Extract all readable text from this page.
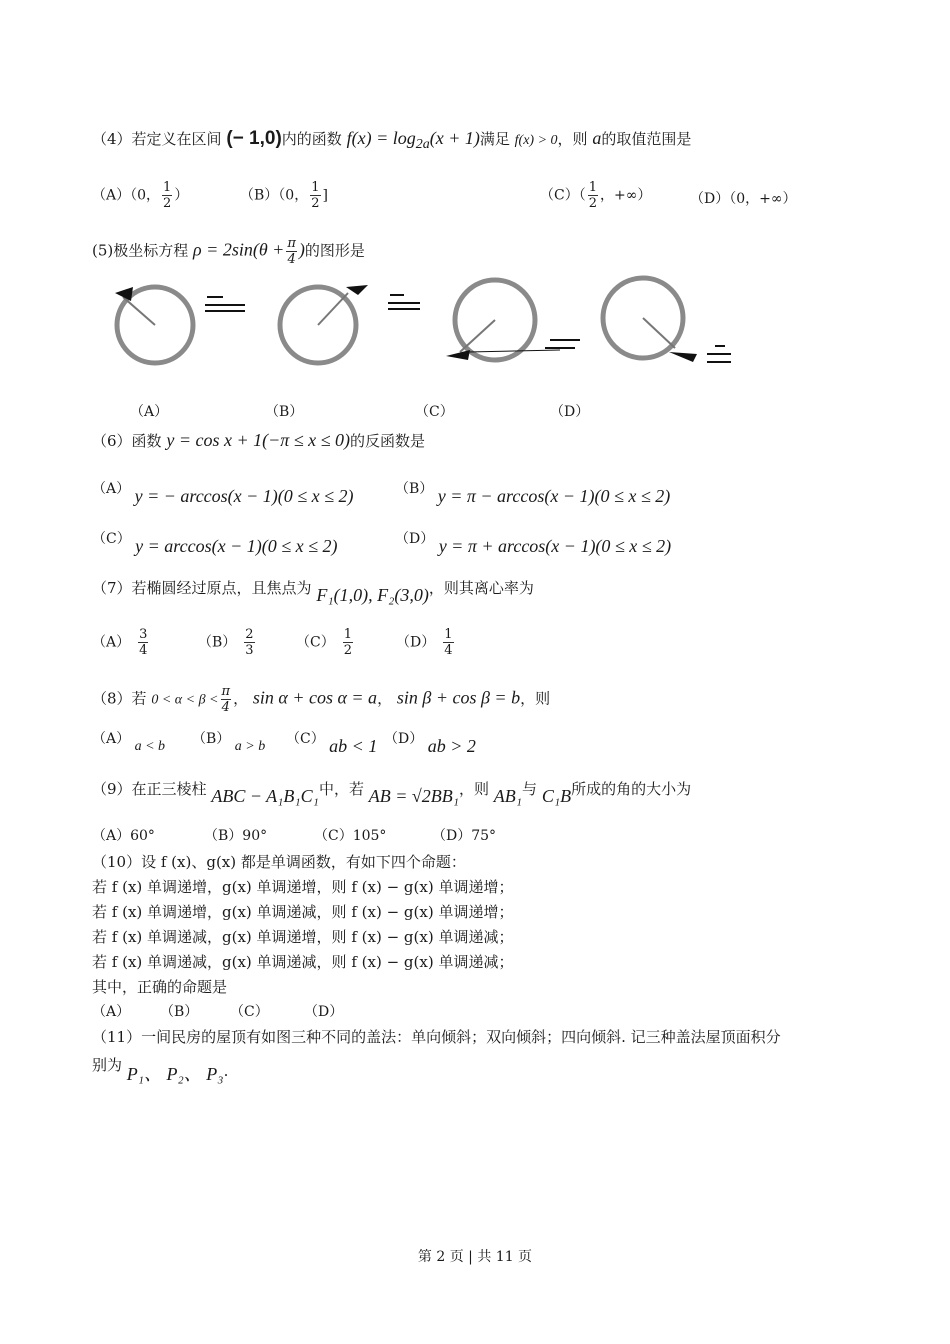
（4）若定义在区间 (− 1,0)内的函数 $f(x) = \log_{2a}(x + 1)$满足 f(x) > 0，则 a的取值范围是
（A）（0， $\frac{1}{2}$ ）	（B）（0， $\frac{1}{2}$ ]	$(C)( \frac{1}{2}$ ，+∞）	（D）（0，+∞）
(5)极坐标方程 $\rho = 2\sin(\theta + \frac{\pi}{4}$ )的图形是
（A）	（B）	（C）	（D）
（6）函数 y = cos x + 1(−π ≤ x ≤ 0)的反函数是
（A） y = − arccos(x − 1)(0 ≤ x ≤ 2)	（B） y = π − arccos(x − 1)(0 ≤ x ≤ 2)
（C） y = arccos(x − 1)(0 ≤ x ≤ 2)	（D） y = π + arccos(x − 1)(0 ≤ x ≤ 2)
（7）若椭圆经过原点，且焦点为 F₁(1,0), F₂(3,0)，则其离心率为
$(A) \frac{3}{4}$	$(B) \frac{2}{3}$	$(C) \frac{1}{2}$	$(D) \frac{1}{4}$
（8）若 $0 < \alpha < \beta < \frac{\pi}{4}$ ， sin α + cos α = a， sin β + cos β = b，则
（A） a < b （B） a > b （C） ab < 1 （D） ab > 2
（9）在正三棱柱 ABC − A₁B₁C₁中，若 AB = √2BB₁，则 AB₁与 C₁B所成的角的大小为
（A）60°	（B）90°	（C）105°	（D）75°
（10）设 f (x)、g(x) 都是单调函数，有如下四个命题：
若 f (x) 单调递增，g(x) 单调递增，则 f (x) − g(x) 单调递增；
若 f (x) 单调递增，g(x) 单调递减，则 f (x) − g(x) 单调递增；
若 f (x) 单调递减，g(x) 单调递增，则 f (x) − g(x) 单调递减；
若 f (x) 单调递减，g(x) 单调递减，则 f (x) − g(x) 单调递减；
其中，正确的命题是
（A） （B） （C）	（D）
（11）一间民房的屋顶有如图三种不同的盖法：单向倾斜；双向倾斜；四向倾斜. 记三种盖法屋顶面积分
别为 P₁、 P₂、 P₃.
第 2 页 | 共 11 页
